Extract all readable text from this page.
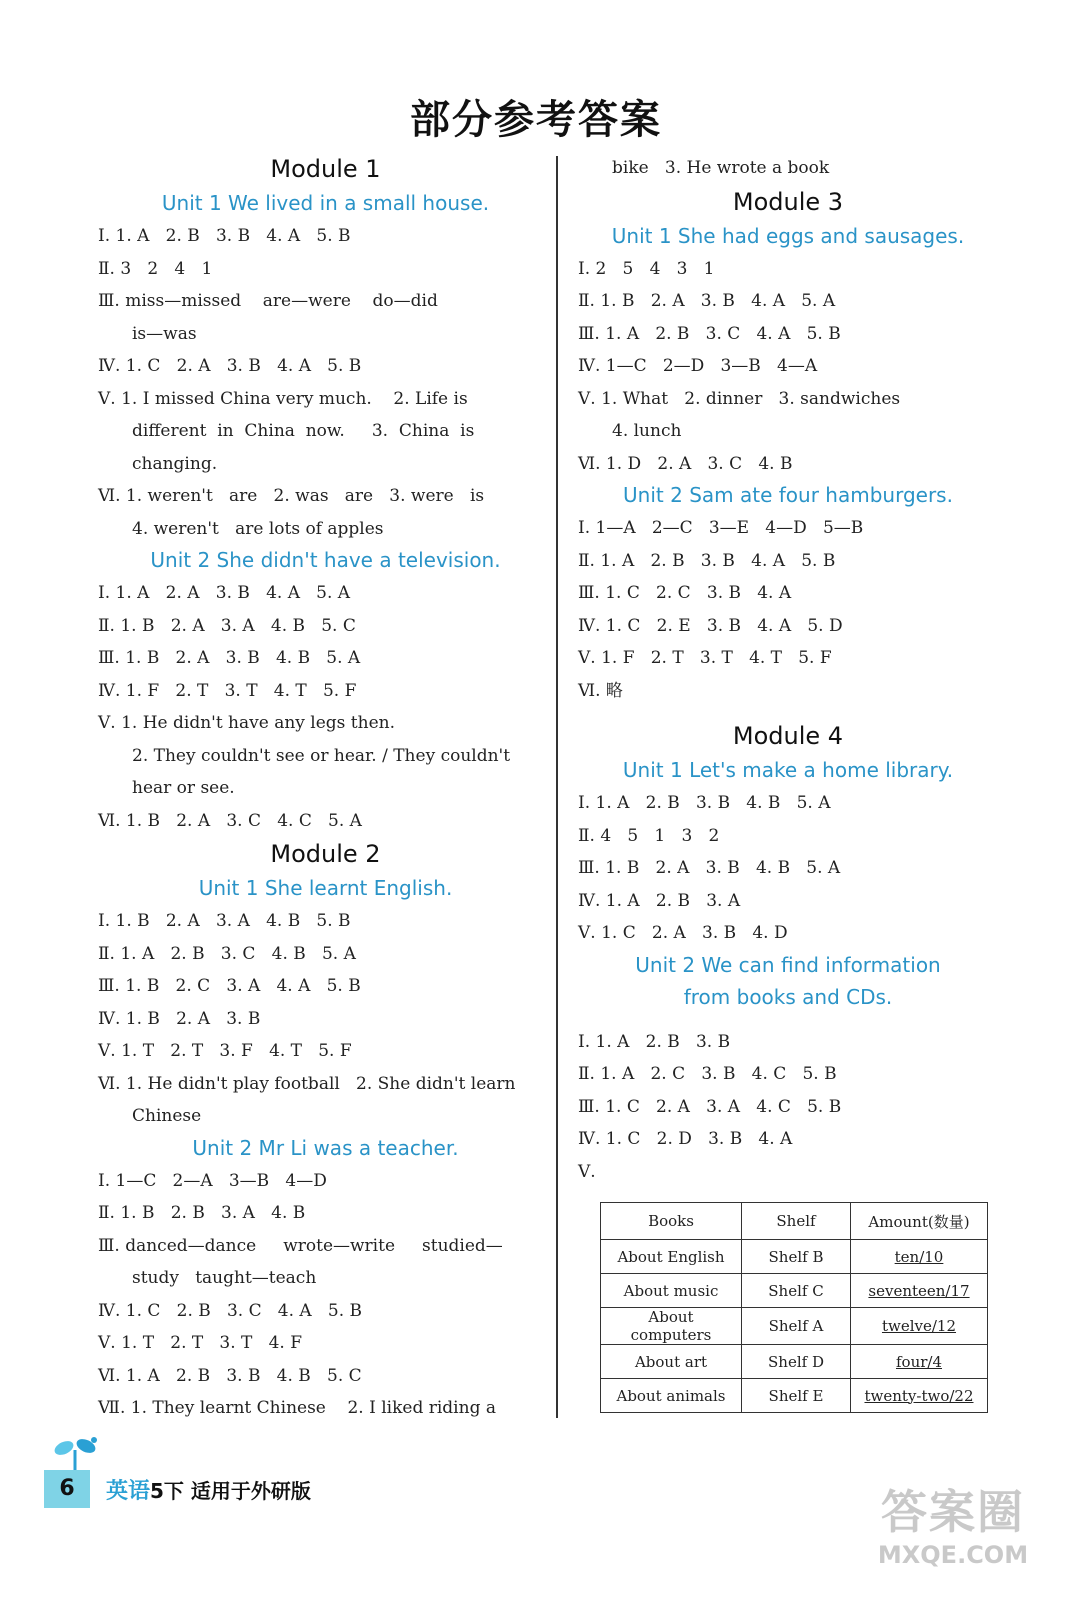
部分参考答案
Module 1
Unit 1 We lived in a small house.
Ⅰ. 1. A   2. B   3. B   4. A   5. B
Ⅱ. 3   2   4   1
Ⅲ. miss—missed    are—were    do—did
is—was
Ⅳ. 1. C   2. A   3. B   4. A   5. B
Ⅴ. 1. I missed China very much.    2. Life is
different  in  China  now.     3.  China  is
changing.
Ⅵ. 1. weren't   are   2. was   are   3. were   is
4. weren't   are lots of apples
Unit 2 She didn't have a television.
Ⅰ. 1. A   2. A   3. B   4. A   5. A
Ⅱ. 1. B   2. A   3. A   4. B   5. C
Ⅲ. 1. B   2. A   3. B   4. B   5. A
Ⅳ. 1. F   2. T   3. T   4. T   5. F
Ⅴ. 1. He didn't have any legs then.
2. They couldn't see or hear. / They couldn't
hear or see.
Ⅵ. 1. B   2. A   3. C   4. C   5. A
Module 2
Unit 1 She learnt English.
Ⅰ. 1. B   2. A   3. A   4. B   5. B
Ⅱ. 1. A   2. B   3. C   4. B   5. A
Ⅲ. 1. B   2. C   3. A   4. A   5. B
Ⅳ. 1. B   2. A   3. B
Ⅴ. 1. T   2. T   3. F   4. T   5. F
Ⅵ. 1. He didn't play football   2. She didn't learn
Chinese
Unit 2 Mr Li was a teacher.
Ⅰ. 1—C   2—A   3—B   4—D
Ⅱ. 1. B   2. B   3. A   4. B
Ⅲ. danced—dance     wrote—write     studied—
study   taught—teach
Ⅳ. 1. C   2. B   3. C   4. A   5. B
Ⅴ. 1. T   2. T   3. T   4. F
Ⅵ. 1. A   2. B   3. B   4. B   5. C
Ⅶ. 1. They learnt Chinese    2. I liked riding a
bike   3. He wrote a book
Module 3
Unit 1 She had eggs and sausages.
Ⅰ. 2   5   4   3   1
Ⅱ. 1. B   2. A   3. B   4. A   5. A
Ⅲ. 1. A   2. B   3. C   4. A   5. B
Ⅳ. 1—C   2—D   3—B   4—A
Ⅴ. 1. What   2. dinner   3. sandwiches
4. lunch
Ⅵ. 1. D   2. A   3. C   4. B
Unit 2 Sam ate four hamburgers.
Ⅰ. 1—A   2—C   3—E   4—D   5—B
Ⅱ. 1. A   2. B   3. B   4. A   5. B
Ⅲ. 1. C   2. C   3. B   4. A
Ⅳ. 1. C   2. E   3. B   4. A   5. D
Ⅴ. 1. F   2. T   3. T   4. T   5. F
Ⅵ. 略
Module 4
Unit 1 Let's make a home library.
Ⅰ. 1. A   2. B   3. B   4. B   5. A
Ⅱ. 4   5   1   3   2
Ⅲ. 1. B   2. A   3. B   4. B   5. A
Ⅳ. 1. A   2. B   3. A
Ⅴ. 1. C   2. A   3. B   4. D
Unit 2 We can find information
from books and CDs.
Ⅰ. 1. A   2. B   3. B
Ⅱ. 1. A   2. C   3. B   4. C   5. B
Ⅲ. 1. C   2. A   3. A   4. C   5. B
Ⅳ. 1. C   2. D   3. B   4. A
Ⅴ.
Books	Shelf	Amount(数量)
About English	Shelf B	ten/10
About music	Shelf C	seventeen/17
About computers	Shelf A	twelve/12
About art	Shelf D	four/4
About animals	Shelf E	twenty-two/22
6	英语5下 适用于外研版	答案圈
MXQE.COM
